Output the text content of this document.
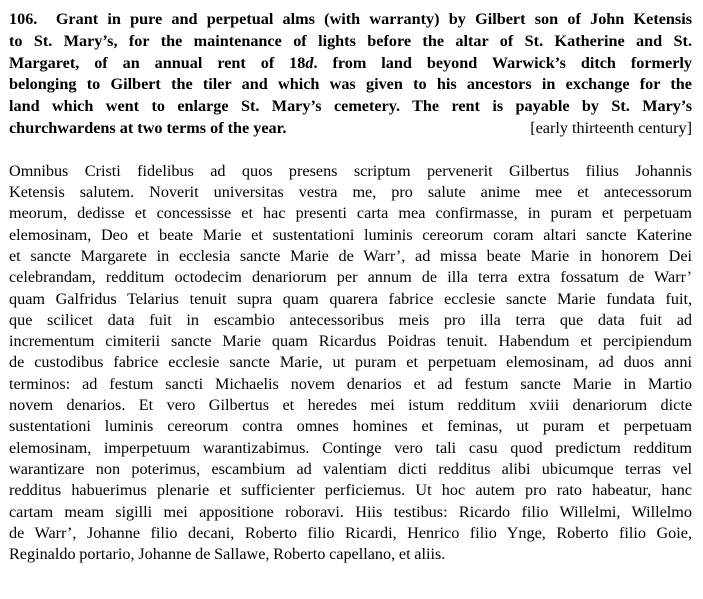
106. Grant in pure and perpetual alms (with warranty) by Gilbert son of John Ketensis
to St. Mary’s, for the maintenance of lights before the altar of St. Katherine and St.
Margaret, of an annual rent of 18d. from land beyond Warwick’s ditch formerly
belonging to Gilbert the tiler and which was given to his ancestors in exchange for the
land which went to enlarge St. Mary’s cemetery. The rent is payable by St. Mary’s
churchwardens at two terms of the year.	[early thirteenth century]
Omnibus Cristi fidelibus ad quos presens scriptum pervenerit Gilbertus filius Johannis
Ketensis salutem. Noverit universitas vestra me, pro salute anime mee et antecessorum
meorum, dedisse et concessisse et hac presenti carta mea confirmasse, in puram et perpetuam
elemosinam, Deo et beate Marie et sustentationi luminis cereorum coram altari sancte Katerine
et sancte Margarete in ecclesia sancte Marie de Warr’, ad missa beate Marie in honorem Dei
celebrandam, redditum octodecim denariorum per annum de illa terra extra fossatum de Warr’
quam Galfridus Telarius tenuit supra quam quarera fabrice ecclesie sancte Marie fundata fuit,
que scilicet data fuit in escambio antecessoribus meis pro illa terra que data fuit ad
incrementum cimiterii sancte Marie quam Ricardus Poidras tenuit. Habendum et percipiendum
de custodibus fabrice ecclesie sancte Marie, ut puram et perpetuam elemosinam, ad duos anni
terminos: ad festum sancti Michaelis novem denarios et ad festum sancte Marie in Martio
novem denarios. Et vero Gilbertus et heredes mei istum redditum xviii denariorum dicte
sustentationi luminis cereorum contra omnes homines et feminas, ut puram et perpetuam
elemosinam, imperpetuum warantizabimus. Continge vero tali casu quod predictum redditum
warantizare non poterimus, escambium ad valentiam dicti redditus alibi ubicumque terras vel
redditus habuerimus plenarie et sufficienter perficiemus. Ut hoc autem pro rato habeatur, hanc
cartam meam sigilli mei appositione roboravi. Hiis testibus: Ricardo filio Willelmi, Willelmo
de Warr’, Johanne filio decani, Roberto filio Ricardi, Henrico filio Ynge, Roberto filio Goie,
Reginaldo portario, Johanne de Sallawe, Roberto capellano, et aliis.
